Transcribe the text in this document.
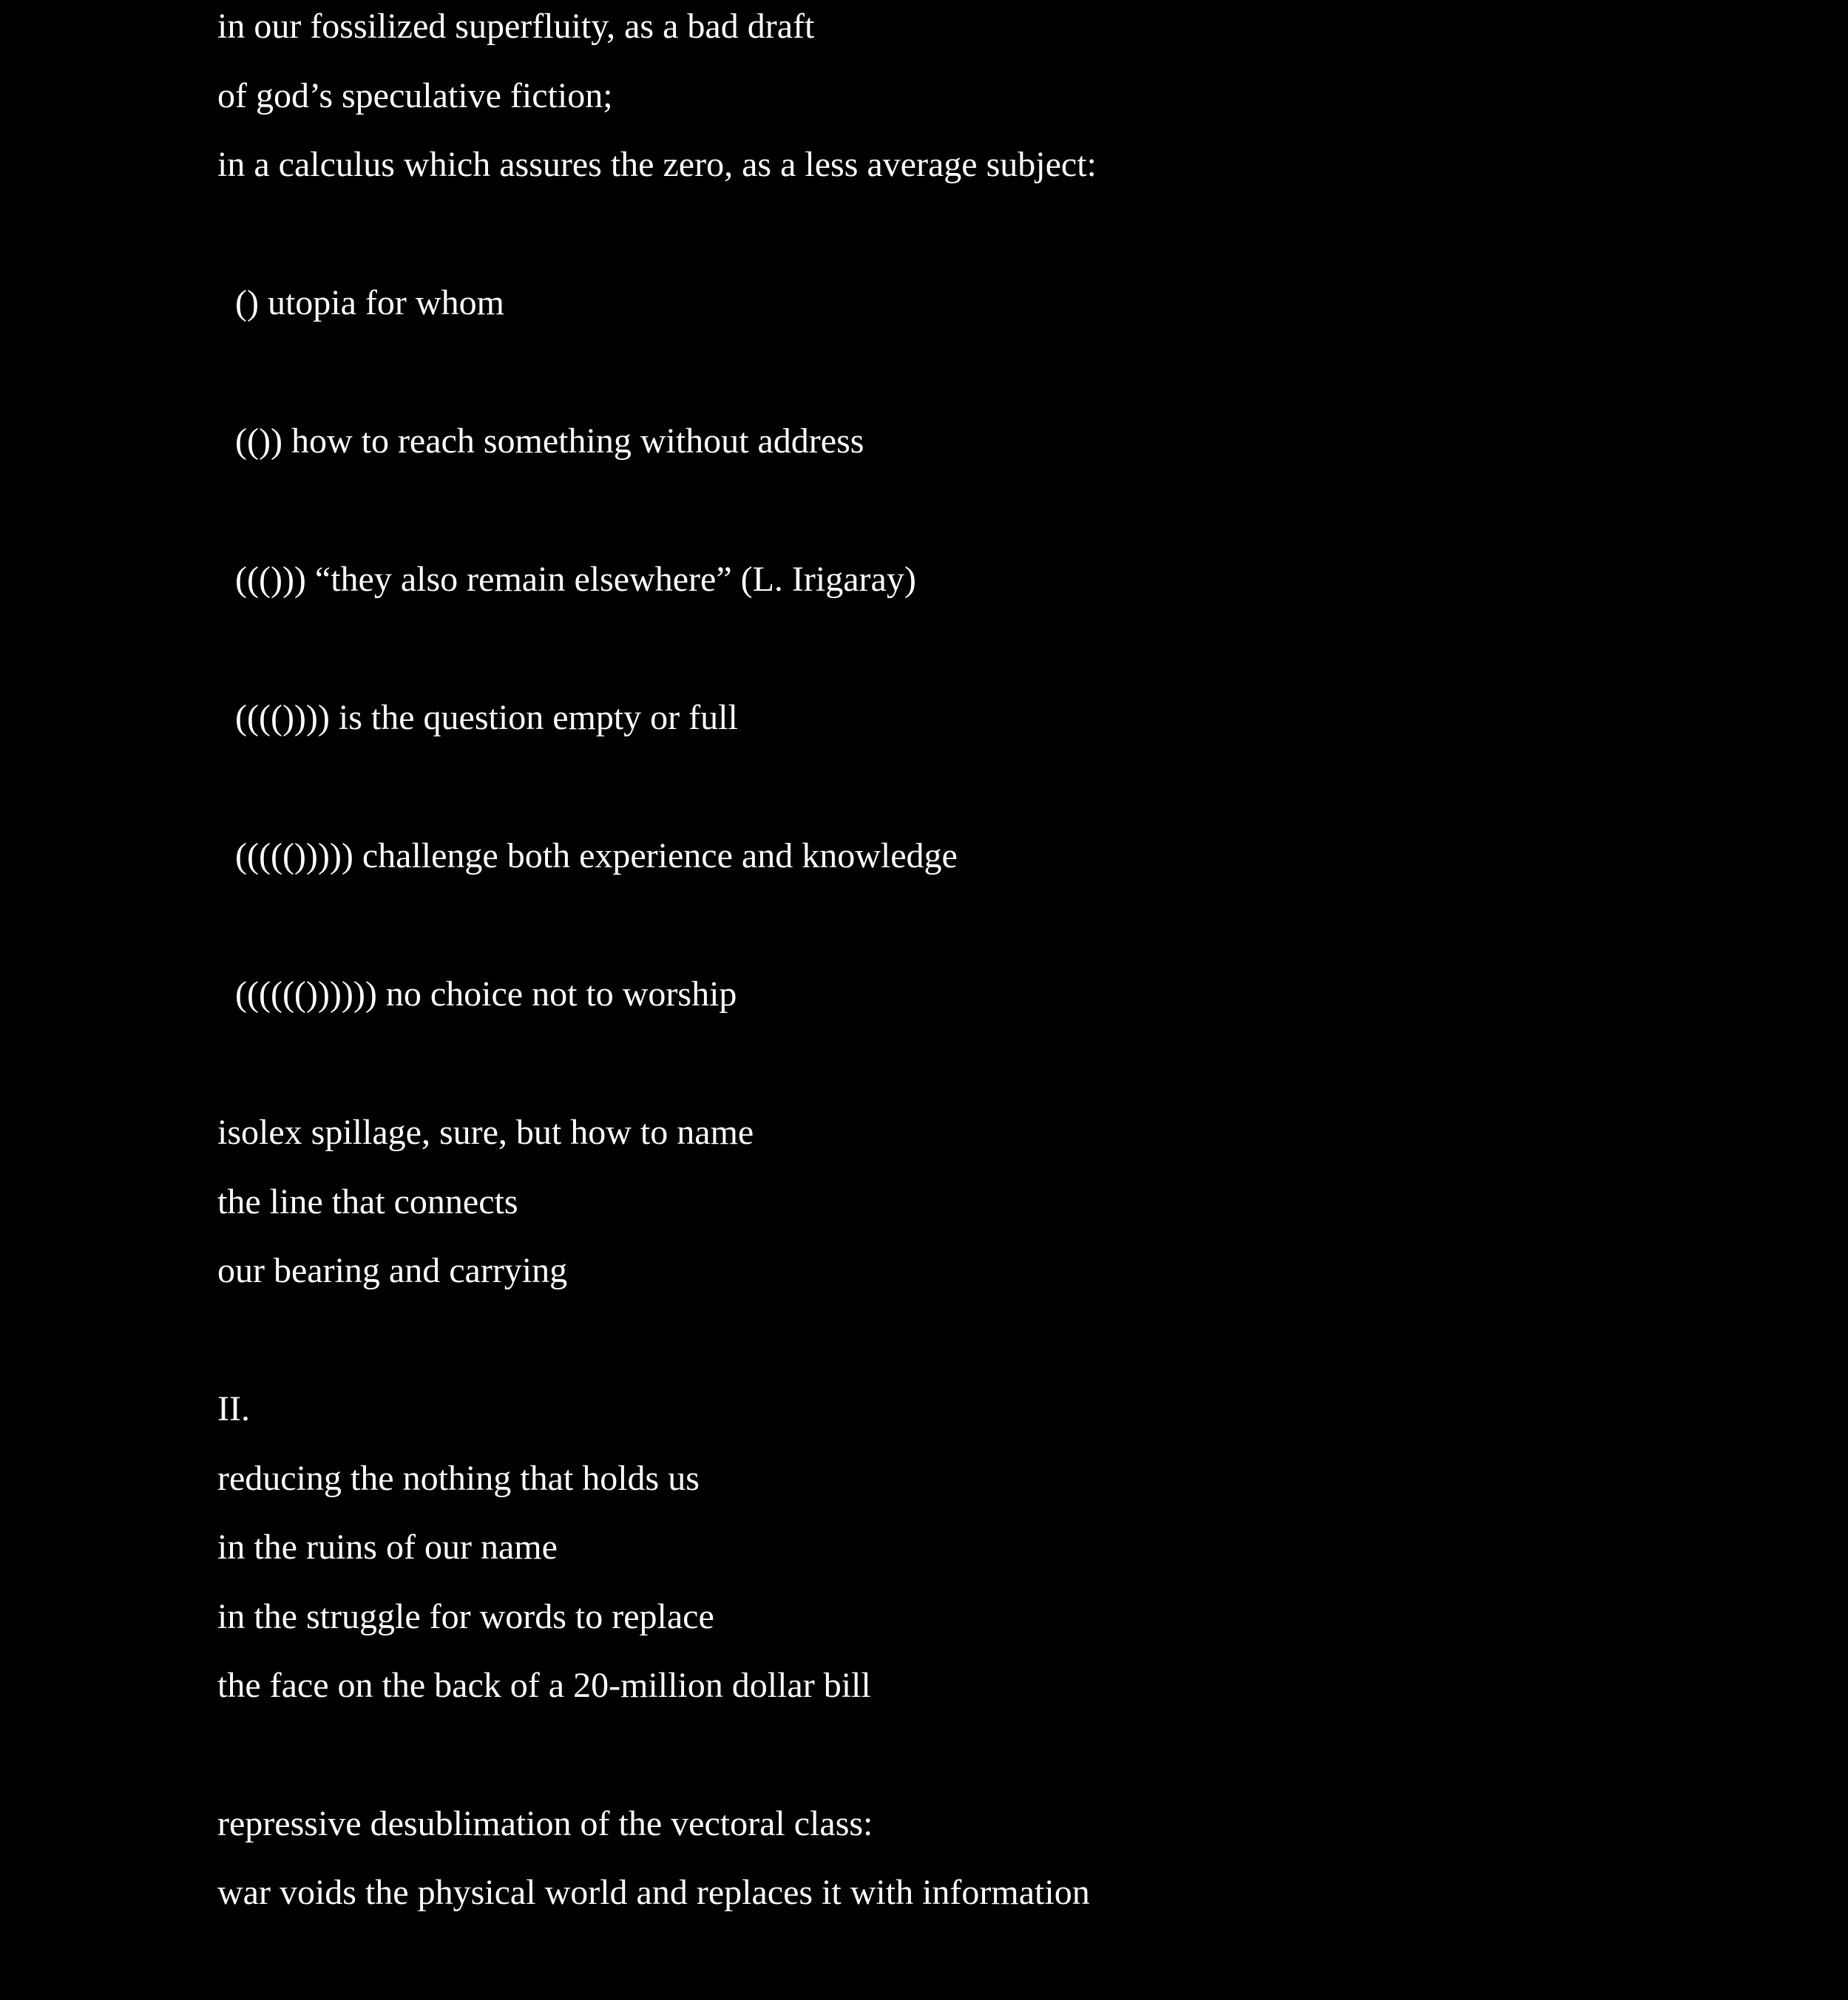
in our fossilized superfluity, as a bad draft
of god’s speculative fiction;
in a calculus which assures the zero, as a less average subject:
() utopia for whom
(()) how to reach something without address
((())) “they also remain elsewhere” (L. Irigaray)
(((()))) is the question empty or full
((((())))) challenge both experience and knowledge
(((((()))))) no choice not to worship
isolex spillage, sure, but how to name
the line that connects
our bearing and carrying
II.
reducing the nothing that holds us
in the ruins of our name
in the struggle for words to replace
the face on the back of a 20-million dollar bill
repressive desublimation of the vectoral class:
war voids the physical world and replaces it with information
